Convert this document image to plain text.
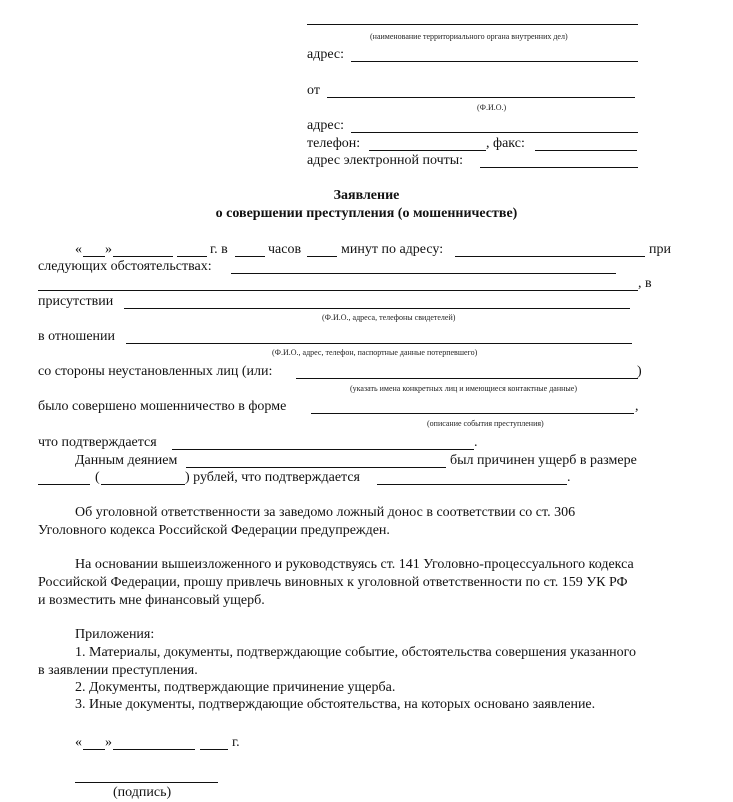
(наименование территориального органа внутренних дел)
адрес:
от
(Ф.И.О.)
адрес:
телефон:	, факс:
адрес электронной почты:
Заявление
о совершении преступления (о мошенничестве)
« »	г. в	часов	минут по адресу:	при
следующих обстоятельствах:
, в
присутствии
(Ф.И.О., адреса, телефоны свидетелей)
в отношении
(Ф.И.О., адрес, телефон, паспортные данные потерпевшего)
со стороны неустановленных лиц (или:	)
(указать имена конкретных лиц и имеющиеся контактные данные)
было совершено мошенничество в форме	,
(описание события преступления)
что подтверждается	.
Данным деянием	был причинен ущерб в размере
(	) рублей, что подтверждается	.
Об уголовной ответственности за заведомо ложный донос в соответствии со ст. 306
Уголовного кодекса Российской Федерации предупрежден.
На основании вышеизложенного и руководствуясь ст. 141 Уголовно-процессуального кодекса
Российской Федерации, прошу привлечь виновных к уголовной ответственности по ст. 159 УК РФ
и возместить мне финансовый ущерб.
Приложения:
1. Материалы, документы, подтверждающие событие, обстоятельства совершения указанного
в заявлении преступления.
2. Документы, подтверждающие причинение ущерба.
3. Иные документы, подтверждающие обстоятельства, на которых основано заявление.
« »	г.
(подпись)
